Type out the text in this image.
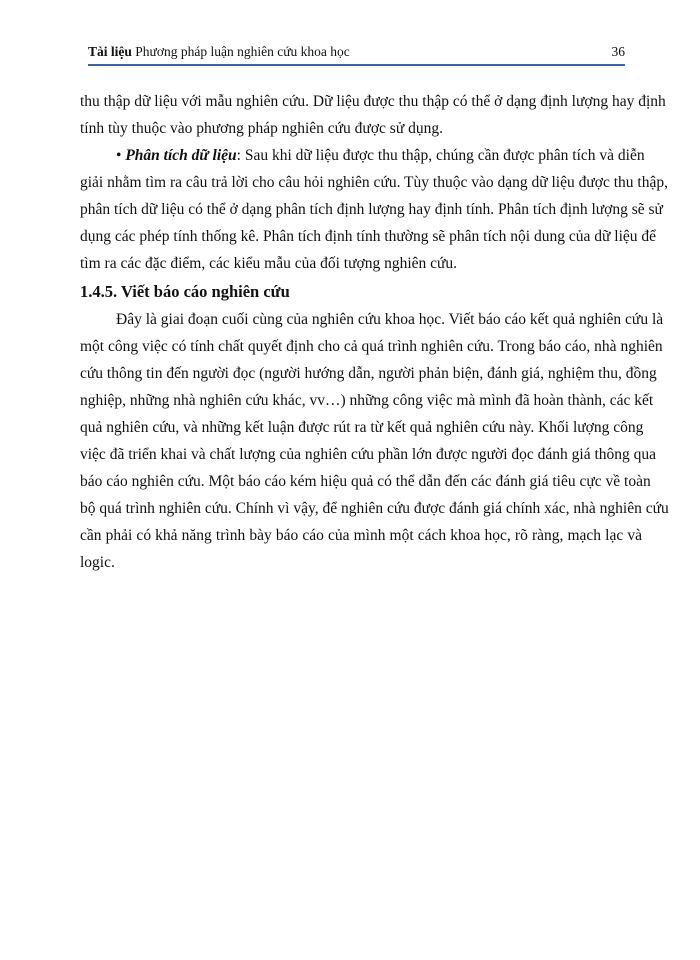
Tài liệu Phương pháp luận nghiên cứu khoa học	36
thu thập dữ liệu với mẫu nghiên cứu. Dữ liệu được thu thập có thể ở dạng định lượng hay định
tính tùy thuộc vào phương pháp nghiên cứu được sử dụng.
• Phân tích dữ liệu: Sau khi dữ liệu được thu thập, chúng cần được phân tích và diễn
giải nhằm tìm ra câu trả lời cho câu hỏi nghiên cứu. Tùy thuộc vào dạng dữ liệu được thu thập,
phân tích dữ liệu có thể ở dạng phân tích định lượng hay định tính. Phân tích định lượng sẽ sử
dụng các phép tính thống kê. Phân tích định tính thường sẽ phân tích nội dung của dữ liệu để
tìm ra các đặc điểm, các kiểu mẫu của đối tượng nghiên cứu.
1.4.5. Viết báo cáo nghiên cứu
Đây là giai đoạn cuối cùng của nghiên cứu khoa học. Viết báo cáo kết quả nghiên cứu là
một công việc có tính chất quyết định cho cả quá trình nghiên cứu. Trong báo cáo, nhà nghiên
cứu thông tin đến người đọc (người hướng dẫn, người phản biện, đánh giá, nghiệm thu, đồng
nghiệp, những nhà nghiên cứu khác, vv…) những công việc mà mình đã hoàn thành, các kết
quả nghiên cứu, và những kết luận được rút ra từ kết quả nghiên cứu này. Khối lượng công
việc đã triển khai và chất lượng của nghiên cứu phần lớn được người đọc đánh giá thông qua
báo cáo nghiên cứu. Một báo cáo kém hiệu quả có thể dẫn đến các đánh giá tiêu cực về toàn
bộ quá trình nghiên cứu. Chính vì vậy, để nghiên cứu được đánh giá chính xác, nhà nghiên cứu
cần phải có khả năng trình bày báo cáo của mình một cách khoa học, rõ ràng, mạch lạc và
logic.
